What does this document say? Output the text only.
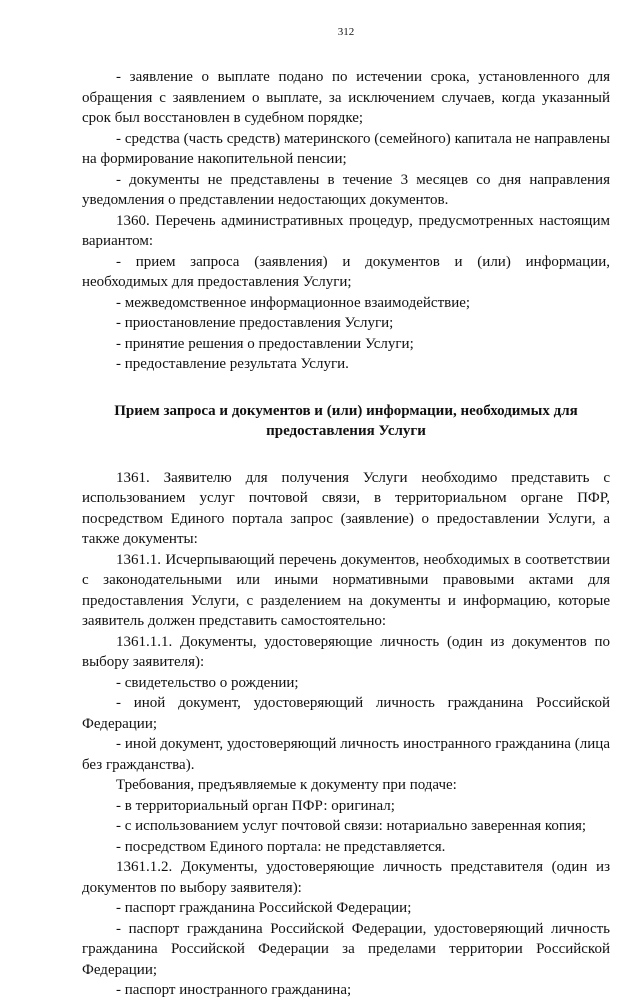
312

- заявление о выплате подано по истечении срока, установленного для обращения с заявлением о выплате, за исключением случаев, когда указанный срок был восстановлен в судебном порядке;

- средства (часть средств) материнского (семейного) капитала не направлены на формирование накопительной пенсии;

- документы не представлены в течение 3 месяцев со дня направления уведомления о представлении недостающих документов.

1360. Перечень административных процедур, предусмотренных настоящим вариантом:

- прием запроса (заявления) и документов и (или) информации, необходимых для предоставления Услуги;

- межведомственное информационное взаимодействие;

- приостановление предоставления Услуги;

- принятие решения о предоставлении Услуги;

- предоставление результата Услуги.

Прием запроса и документов и (или) информации, необходимых для предоставления Услуги

1361. Заявителю для получения Услуги необходимо представить с использованием услуг почтовой связи, в территориальном органе ПФР, посредством Единого портала запрос (заявление) о предоставлении Услуги, а также документы:

1361.1. Исчерпывающий перечень документов, необходимых в соответствии с законодательными или иными нормативными правовыми актами для предоставления Услуги, с разделением на документы и информацию, которые заявитель должен представить самостоятельно:

1361.1.1. Документы, удостоверяющие личность (один из документов по выбору заявителя):

- свидетельство о рождении;

- иной документ, удостоверяющий личность гражданина Российской Федерации;

- иной документ, удостоверяющий личность иностранного гражданина (лица без гражданства).

Требования, предъявляемые к документу при подаче:

- в территориальный орган ПФР: оригинал;

- с использованием услуг почтовой связи: нотариально заверенная копия;

- посредством Единого портала: не представляется.

1361.1.2. Документы, удостоверяющие личность представителя (один из документов по выбору заявителя):

- паспорт гражданина Российской Федерации;

- паспорт гражданина Российской Федерации, удостоверяющий личность гражданина Российской Федерации за пределами территории Российской Федерации;

- паспорт иностранного гражданина;
